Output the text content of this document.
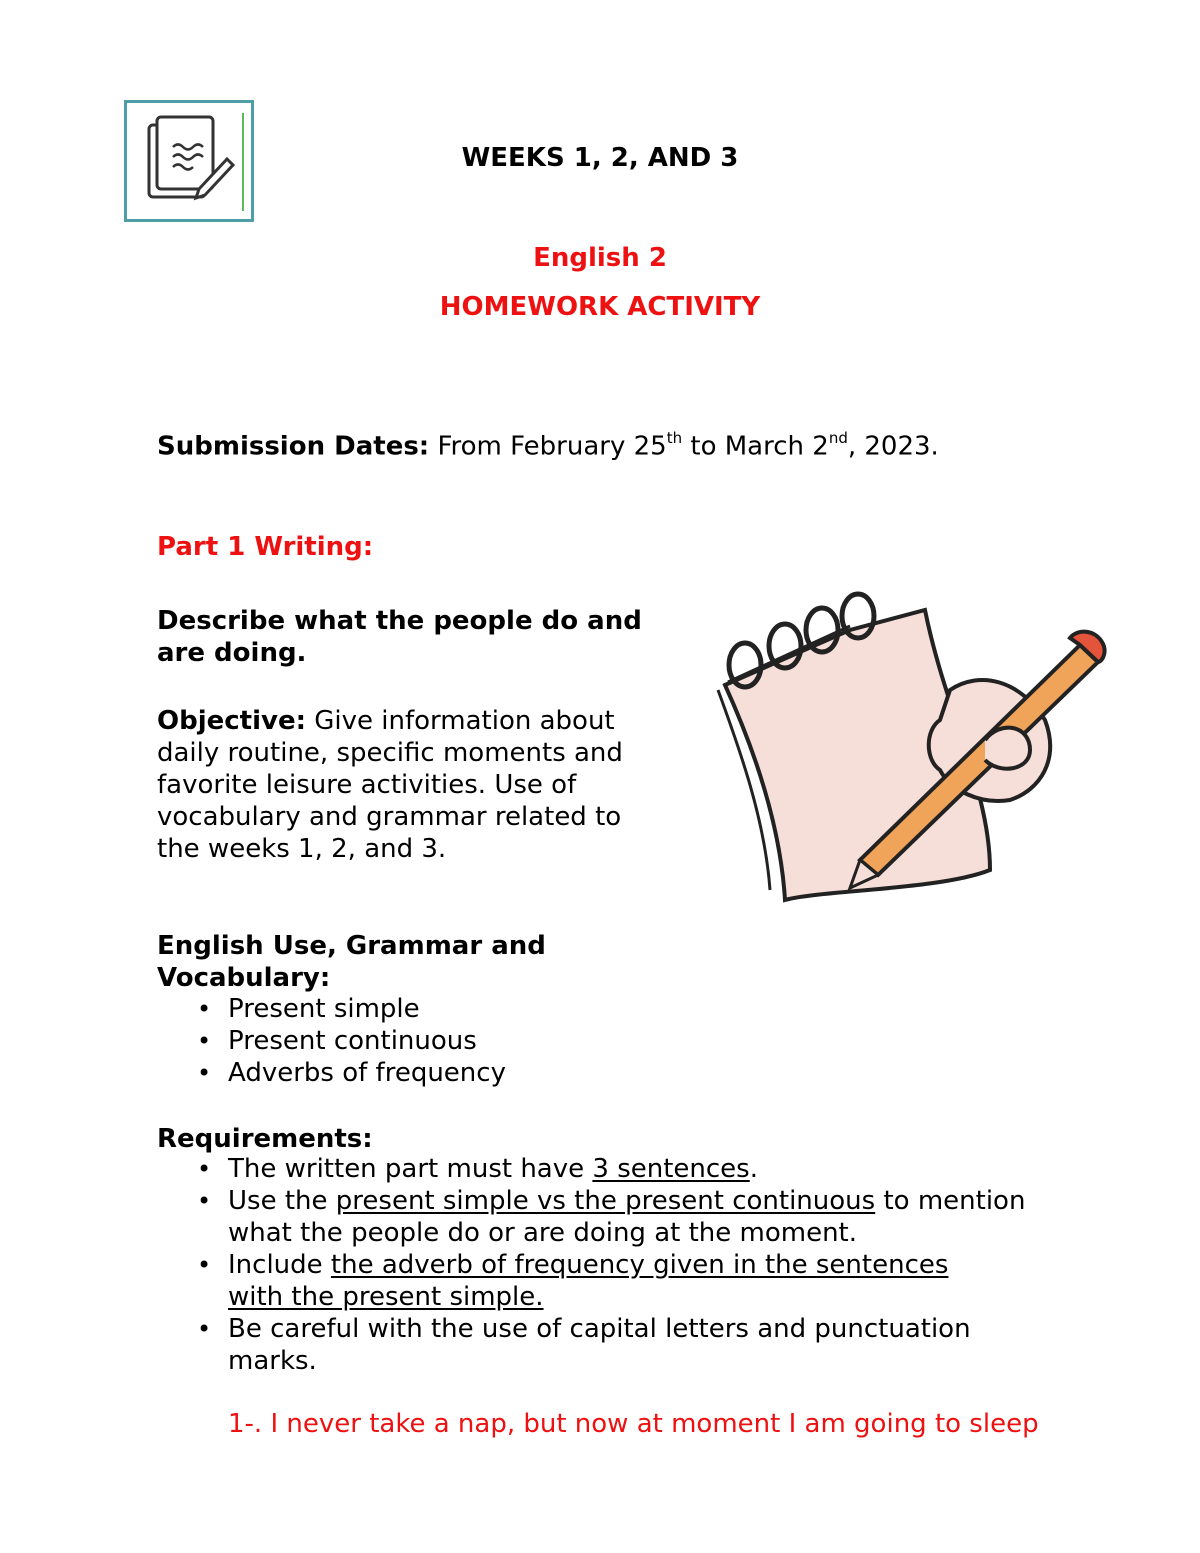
WEEKS 1, 2, AND 3
English 2
HOMEWORK ACTIVITY
Submission Dates: From February 25th to March 2nd, 2023.
Part 1 Writing:
Describe what the people do and are doing.
Objective: Give information about daily routine, specific moments and favorite leisure activities. Use of vocabulary and grammar related to the weeks 1, 2, and 3.
English Use, Grammar and Vocabulary:
• Present simple
• Present continuous
• Adverbs of frequency
Requirements:
• The written part must have 3 sentences.
• Use the present simple vs the present continuous to mention what the people do or are doing at the moment.
• Include the adverb of frequency given in the sentences with the present simple.
• Be careful with the use of capital letters and punctuation marks.
1-. I never take a nap, but now at moment I am going to sleep
